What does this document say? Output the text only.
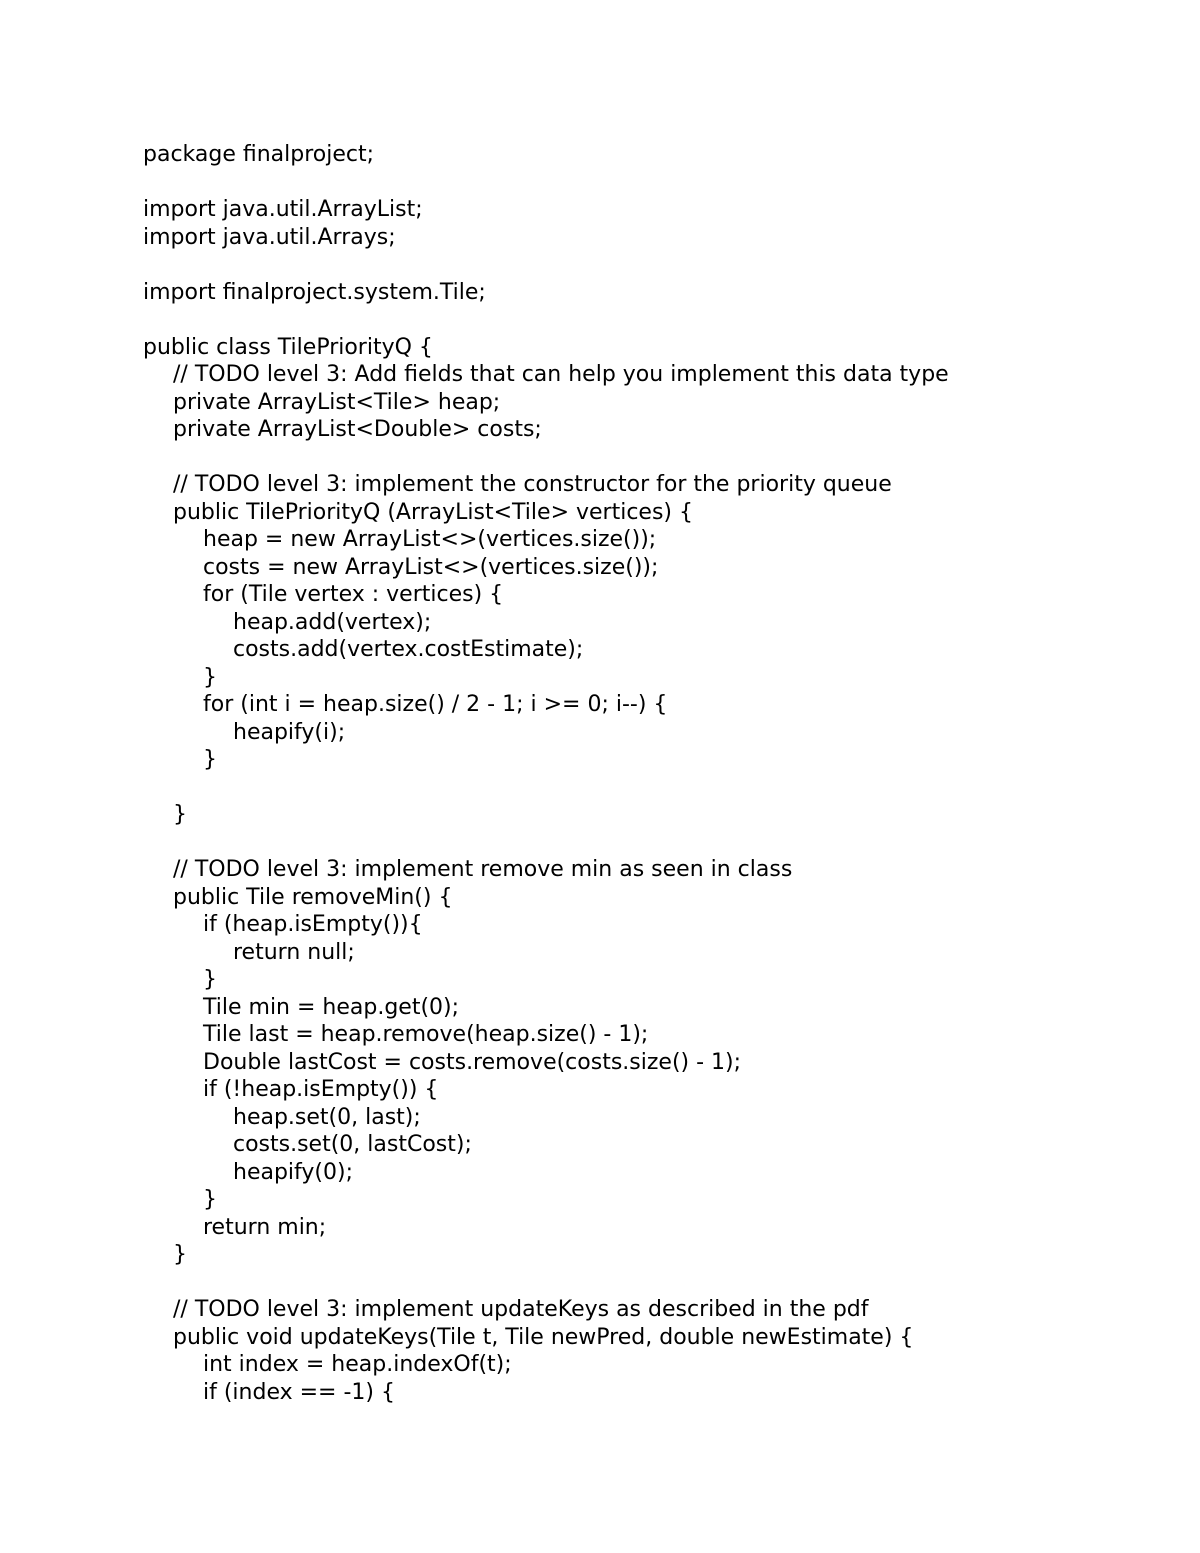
package finalproject;
import java.util.ArrayList;
import java.util.Arrays;
import finalproject.system.Tile;
public class TilePriorityQ {
// TODO level 3: Add fields that can help you implement this data type
private ArrayList<Tile> heap;
private ArrayList<Double> costs;
// TODO level 3: implement the constructor for the priority queue
public TilePriorityQ (ArrayList<Tile> vertices) {
heap = new ArrayList<>(vertices.size());
costs = new ArrayList<>(vertices.size());
for (Tile vertex : vertices) {
heap.add(vertex);
costs.add(vertex.costEstimate);
}
for (int i = heap.size() / 2 - 1; i >= 0; i--) {
heapify(i);
}
}
// TODO level 3: implement remove min as seen in class
public Tile removeMin() {
if (heap.isEmpty()){
return null;
}
Tile min = heap.get(0);
Tile last = heap.remove(heap.size() - 1);
Double lastCost = costs.remove(costs.size() - 1);
if (!heap.isEmpty()) {
heap.set(0, last);
costs.set(0, lastCost);
heapify(0);
}
return min;
}
// TODO level 3: implement updateKeys as described in the pdf
public void updateKeys(Tile t, Tile newPred, double newEstimate) {
int index = heap.indexOf(t);
if (index == -1) {
